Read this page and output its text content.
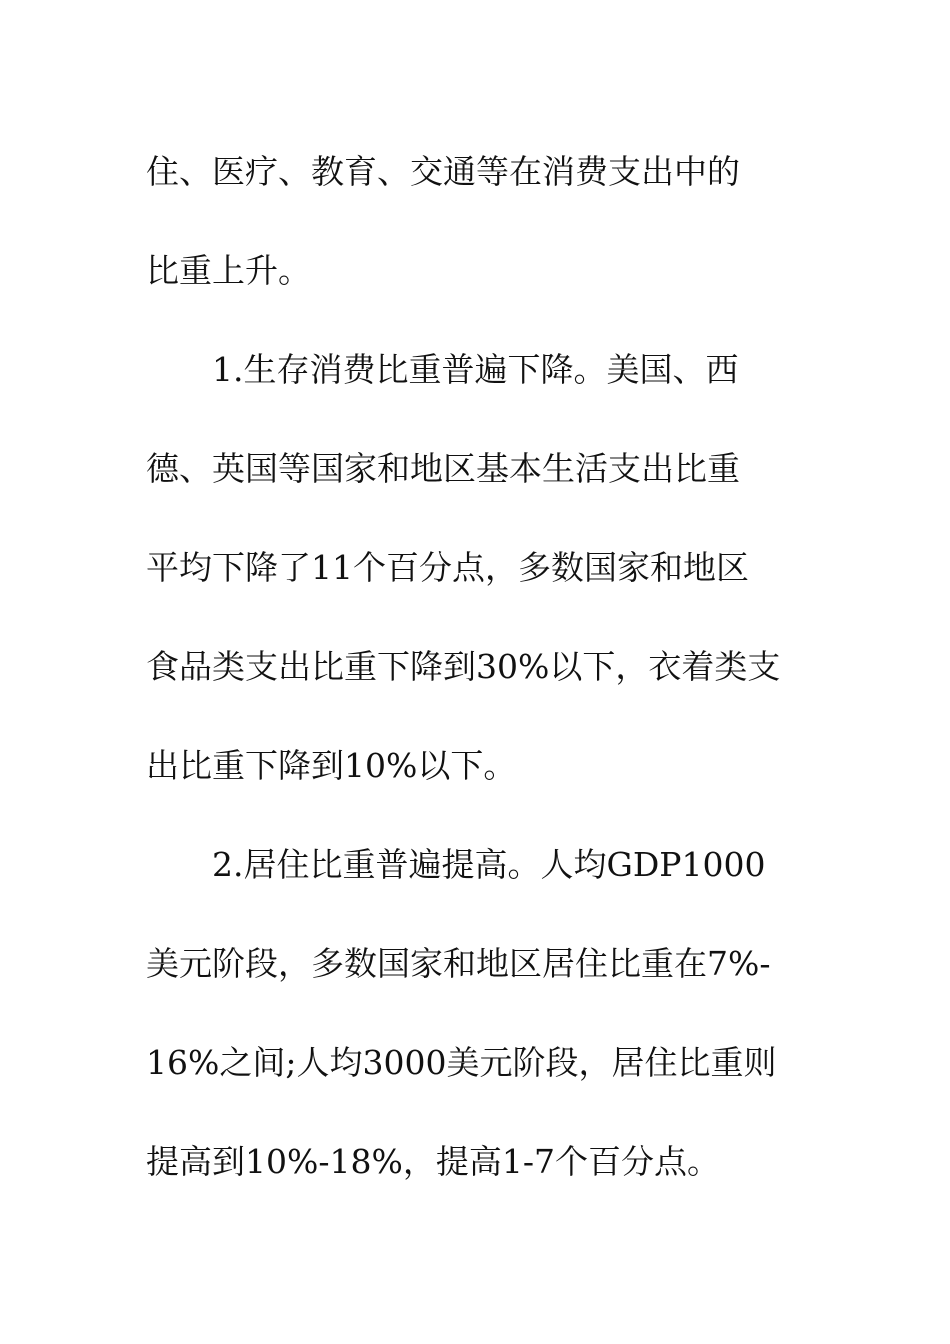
住、医疗、教育、交通等在消费支出中的
比重上升。
1.生存消费比重普遍下降。美国、西
德、英国等国家和地区基本生活支出比重
平均下降了11个百分点，多数国家和地区
食品类支出比重下降到30%以下，衣着类支
出比重下降到10%以下。
2.居住比重普遍提高。人均GDP1000
美元阶段，多数国家和地区居住比重在7%-
16%之间;人均3000美元阶段，居住比重则
提高到10%-18%，提高1-7个百分点。
